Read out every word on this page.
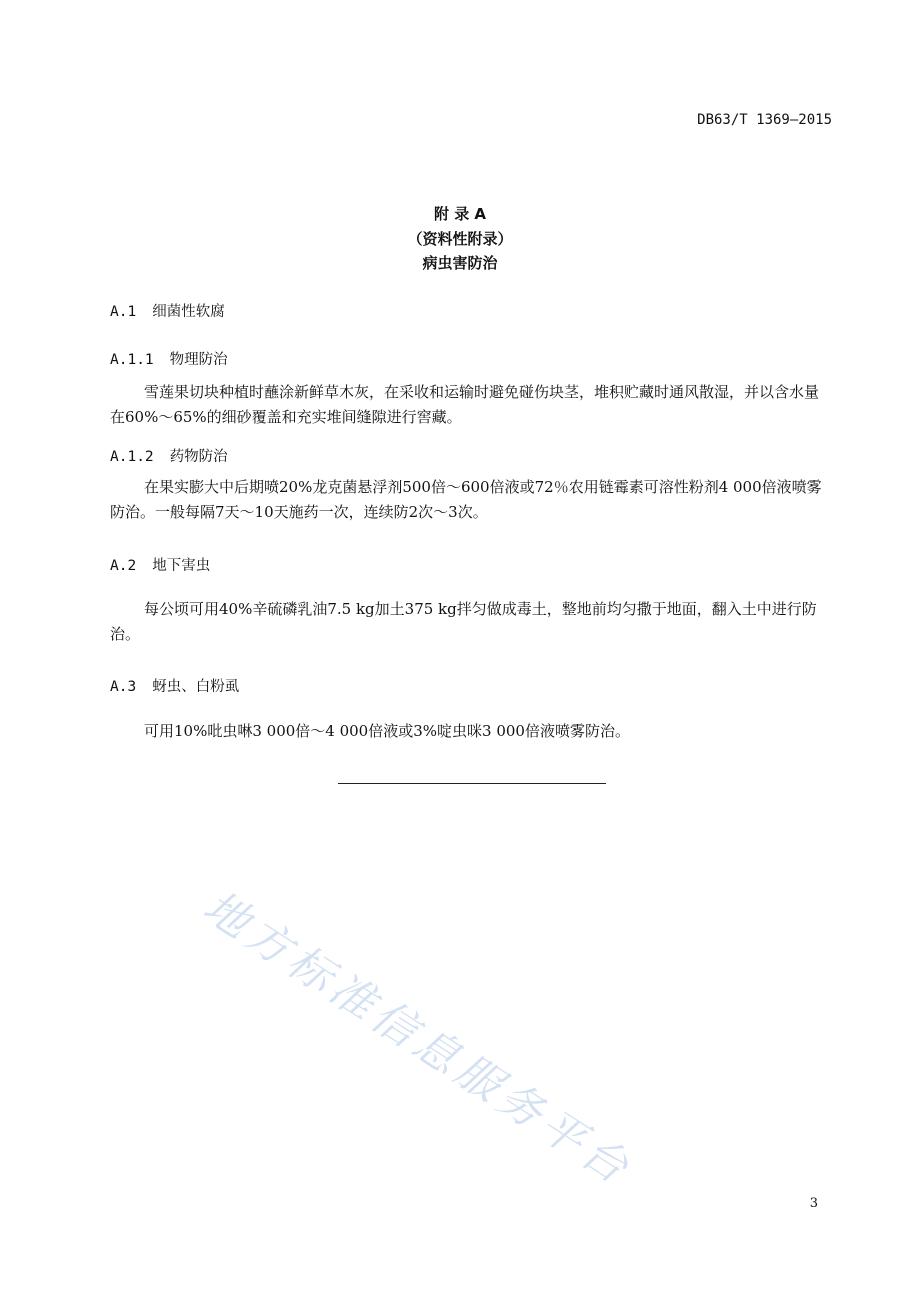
DB63/T 1369—2015
附 录 A
（资料性附录）
病虫害防治
A.1 细菌性软腐
A.1.1 物理防治
雪莲果切块种植时蘸涂新鲜草木灰，在采收和运输时避免碰伤块茎，堆积贮藏时通风散湿，并以含水量在60%～65%的细砂覆盖和充实堆间缝隙进行窖藏。
A.1.2 药物防治
在果实膨大中后期喷20%龙克菌悬浮剂500倍～600倍液或72％农用链霉素可溶性粉剂4 000倍液喷雾防治。一般每隔7天～10天施药一次，连续防2次～3次。
A.2 地下害虫
每公顷可用40%辛硫磷乳油7.5 kg加土375 kg拌匀做成毒土，整地前均匀撒于地面，翻入土中进行防治。
A.3 蚜虫、白粉虱
可用10%吡虫啉3 000倍～4 000倍液或3%啶虫咪3 000倍液喷雾防治。
地方标准信息服务平台
3
